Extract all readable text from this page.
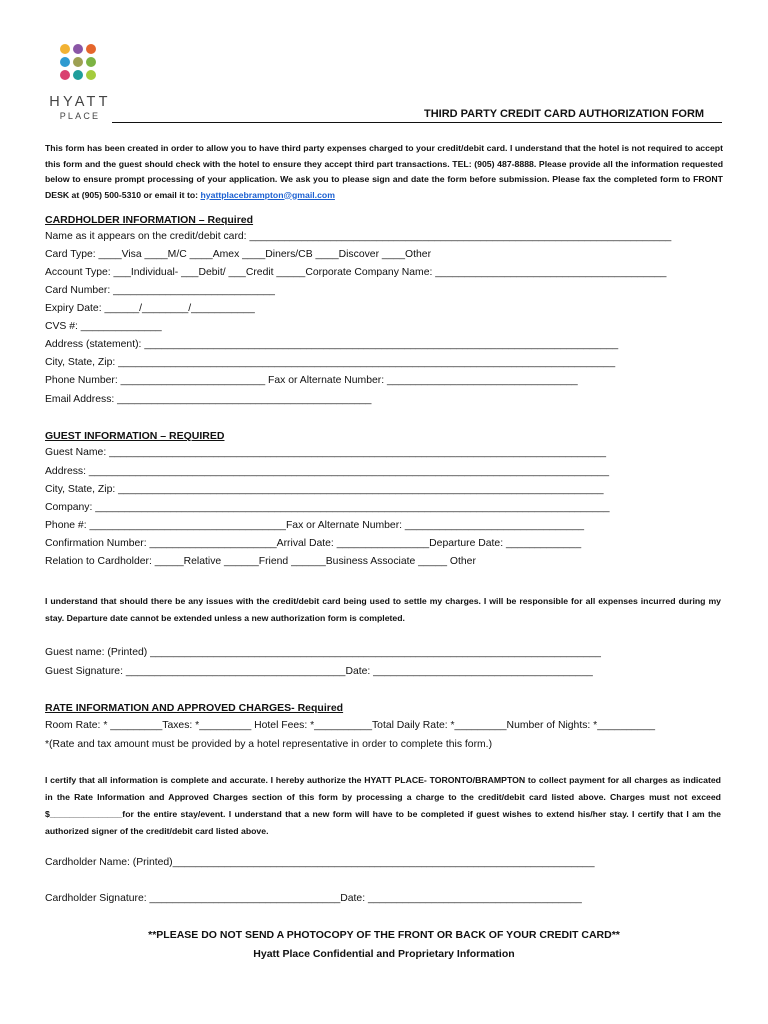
HYATT
PLACE	THIRD PARTY CREDIT CARD AUTHORIZATION FORM
This form has been created in order to allow you to have third party expenses charged to your credit/debit card. I understand that the hotel is not required to accept this form and the guest should check with the hotel to ensure they accept third part transactions. TEL: (905) 487-8888. Please provide all the information requested below to ensure prompt processing of your application. We ask you to please sign and date the form before submission. Please fax the completed form to FRONT DESK at (905) 500-5310 or email it to: hyattplacebrampton@gmail.com
CARDHOLDER INFORMATION – Required
Name as it appears on the credit/debit card: _________________________________________________________________________
Card Type: ____Visa ____M/C ____Amex ____Diners/CB ____Discover ____Other
Account Type: ___Individual- ___Debit/ ___Credit _____Corporate Company Name: ________________________________________
Card Number: ____________________________
Expiry Date: ______/________/___________
CVS #: ______________
Address (statement): __________________________________________________________________________________
City, State, Zip: ______________________________________________________________________________________
Phone Number: _________________________ Fax or Alternate Number: _________________________________
Email Address: ____________________________________________
GUEST INFORMATION – REQUIRED
Guest Name: ______________________________________________________________________________________
Address: __________________________________________________________________________________________
City, State, Zip: ____________________________________________________________________________________
Company: _________________________________________________________________________________________
Phone #: __________________________________Fax or Alternate Number: _______________________________
Confirmation Number: ______________________Arrival Date: ________________Departure Date: _____________
Relation to Cardholder: _____Relative ______Friend ______Business Associate _____ Other
I understand that should there be any issues with the credit/debit card being used to settle my charges. I will be responsible for all expenses incurred during my stay. Departure date cannot be extended unless a new authorization form is completed.
Guest name: (Printed) ______________________________________________________________________________
Guest Signature: ______________________________________Date: ______________________________________
RATE INFORMATION AND APPROVED CHARGES- Required
Room Rate: * _________Taxes: *_________ Hotel Fees: *__________Total Daily Rate: *_________Number of Nights: *__________
*(Rate and tax amount must be provided by a hotel representative in order to complete this form.)
I certify that all information is complete and accurate. I hereby authorize the HYATT PLACE- TORONTO/BRAMPTON to collect payment for all charges as indicated in the Rate Information and Approved Charges section of this form by processing a charge to the credit/debit card listed above. Charges must not exceed $_______________for the entire stay/event. I understand that a new form will have to be completed if guest wishes to extend his/her stay. I certify that I am the authorized signer of the credit/debit card listed above.
Cardholder Name: (Printed)_________________________________________________________________________
Cardholder Signature: _________________________________Date: _____________________________________
**PLEASE DO NOT SEND A PHOTOCOPY OF THE FRONT OR BACK OF YOUR CREDIT CARD**
Hyatt Place Confidential and Proprietary Information
